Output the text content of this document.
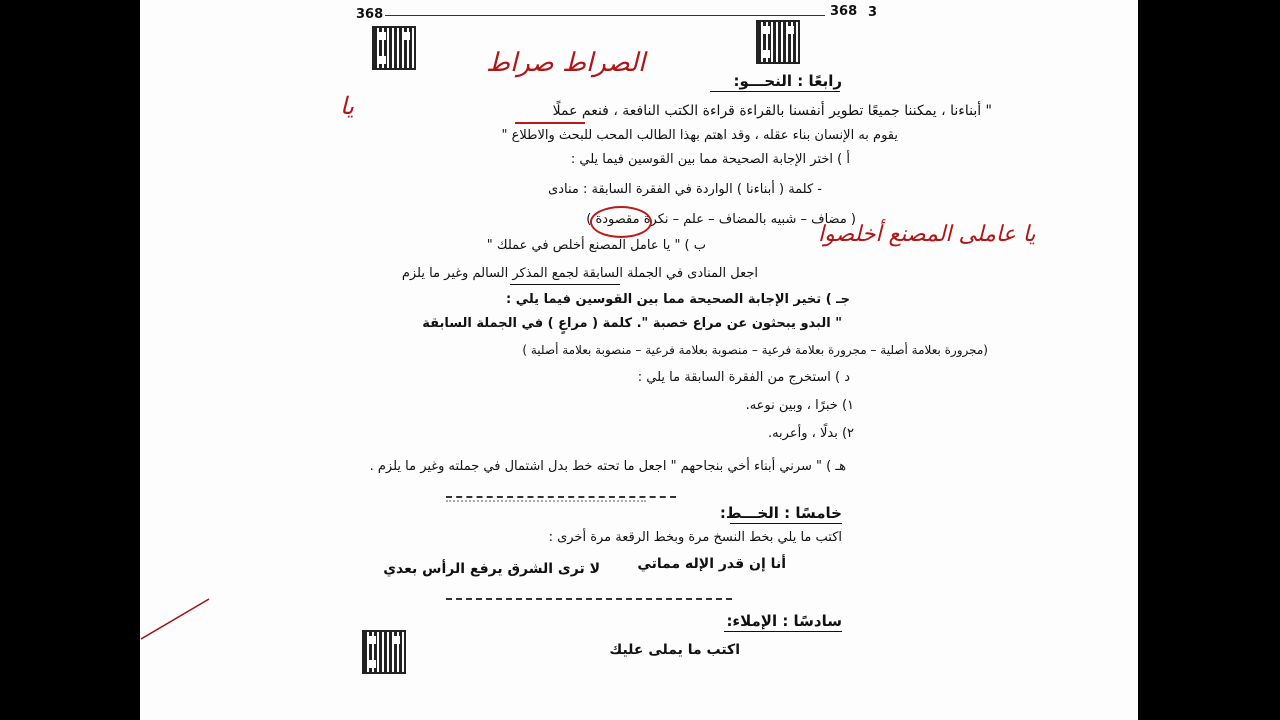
368	368 3
الصراط صراط
رابعًا : النحـــو:
يا	" أبناءنا ، يمكننا جميعًا تطوير أنفسنا بالقراءة قراءة الكتب النافعة ، فنعم عملًا
يقوم به الإنسان بناء عقله ، وقد اهتم بهذا الطالب المحب للبحث والاطلاع "
أ ) اختر الإجابة الصحيحة مما بين القوسين فيما يلي :
- كلمة ( أبناءنا ) الواردة في الفقرة السابقة : منادى
( مضاف – شبيه بالمضاف – علم – نكرة مقصودة )
ب ) " يا عامل المصنع أخلص في عملك "	يا عاملى المصنع أخلصوا
اجعل المنادى في الجملة السابقة لجمع المذكر السالم وغير ما يلزم
جـ ) تخير الإجابة الصحيحة مما بين القوسين فيما يلي :
" البدو يبحثون عن مراع خصبة ". كلمة ( مراعٍ ) في الجملة السابقة
(مجرورة بعلامة أصلية – مجرورة بعلامة فرعية – منصوبة بعلامة فرعية – منصوبة بعلامة أصلية )
د ) استخرج من الفقرة السابقة ما يلي :
١) خبرًا ، وبين نوعه.
٢) بدلًا ، وأعربه.
هـ ) " سرني أبناء أخي بنجاحهم " اجعل ما تحته خط بدل اشتمال في جملته وغير ما يلزم .
خامسًا : الخـــط:
اكتب ما يلي بخط النسخ مرة وبخط الرقعة مرة أخرى :
أنا إن قدر الإله مماتي
لا ترى الشرق يرفع الرأس بعدي
سادسًا : الإملاء:
اكتب ما يملى عليك
